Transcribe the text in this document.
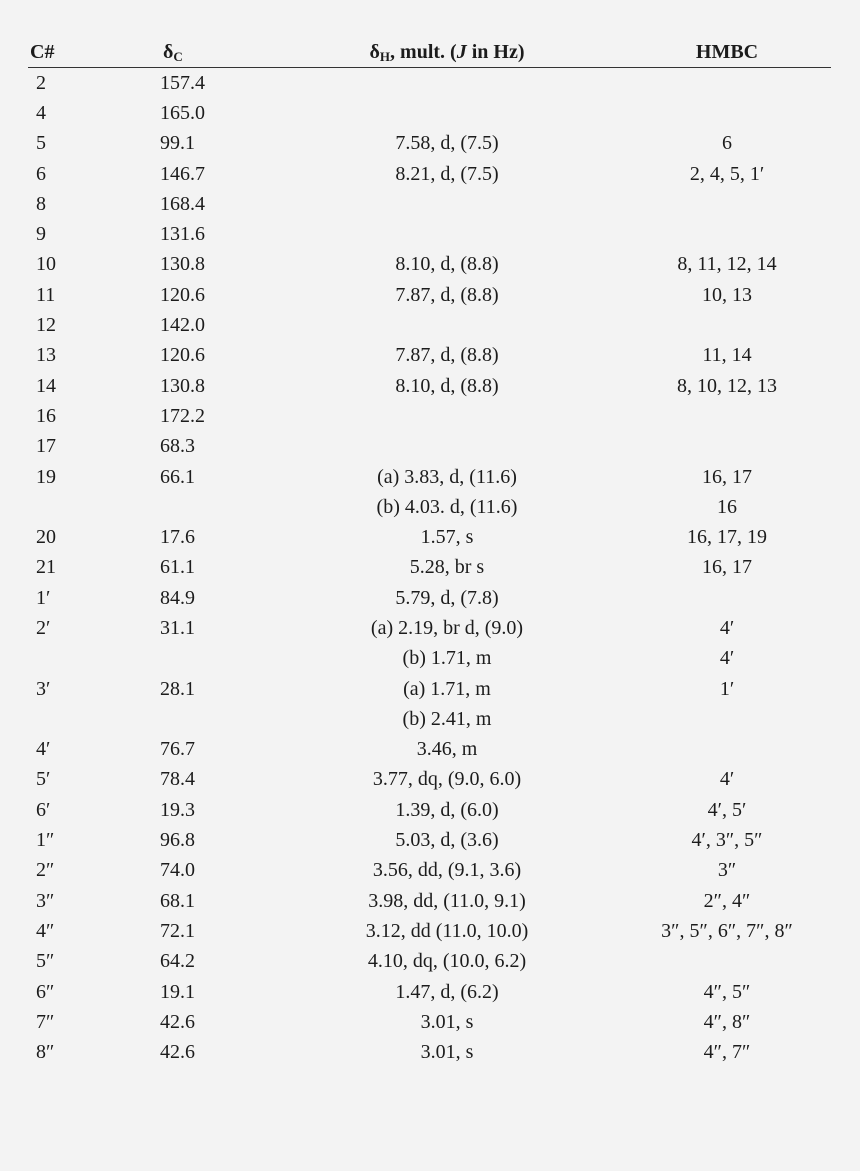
C#	$\delta_C$	$\delta_H$, mult. (J in Hz)	HMBC
2	157.4		
4	165.0		
5	99.1	7.58, d, (7.5)	6
6	146.7	8.21, d, (7.5)	2, 4, 5, 1′
8	168.4		
9	131.6		
10	130.8	8.10, d, (8.8)	8, 11, 12, 14
11	120.6	7.87, d, (8.8)	10, 13
12	142.0		
13	120.6	7.87, d, (8.8)	11, 14
14	130.8	8.10, d, (8.8)	8, 10, 12, 13
16	172.2		
17	68.3		
19	66.1	(a) 3.83, d, (11.6)	16, 17
		(b) 4.03. d, (11.6)	16
20	17.6	1.57, s	16, 17, 19
21	61.1	5.28, br s	16, 17
1′	84.9	5.79, d, (7.8)	
2′	31.1	(a) 2.19, br d, (9.0)	4′
		(b) 1.71, m	4′
3′	28.1	(a) 1.71, m	1′
		(b) 2.41, m	
4′	76.7	3.46, m	
5′	78.4	3.77, dq, (9.0, 6.0)	4′
6′	19.3	1.39, d, (6.0)	4′, 5′
1″	96.8	5.03, d, (3.6)	4′, 3″, 5″
2″	74.0	3.56, dd, (9.1, 3.6)	3″
3″	68.1	3.98, dd, (11.0, 9.1)	2″, 4″
4″	72.1	3.12, dd (11.0, 10.0)	3″, 5″, 6″, 7″, 8″
5″	64.2	4.10, dq, (10.0, 6.2)	
6″	19.1	1.47, d, (6.2)	4″, 5″
7″	42.6	3.01, s	4″, 8″
8″	42.6	3.01, s	4″, 7″
